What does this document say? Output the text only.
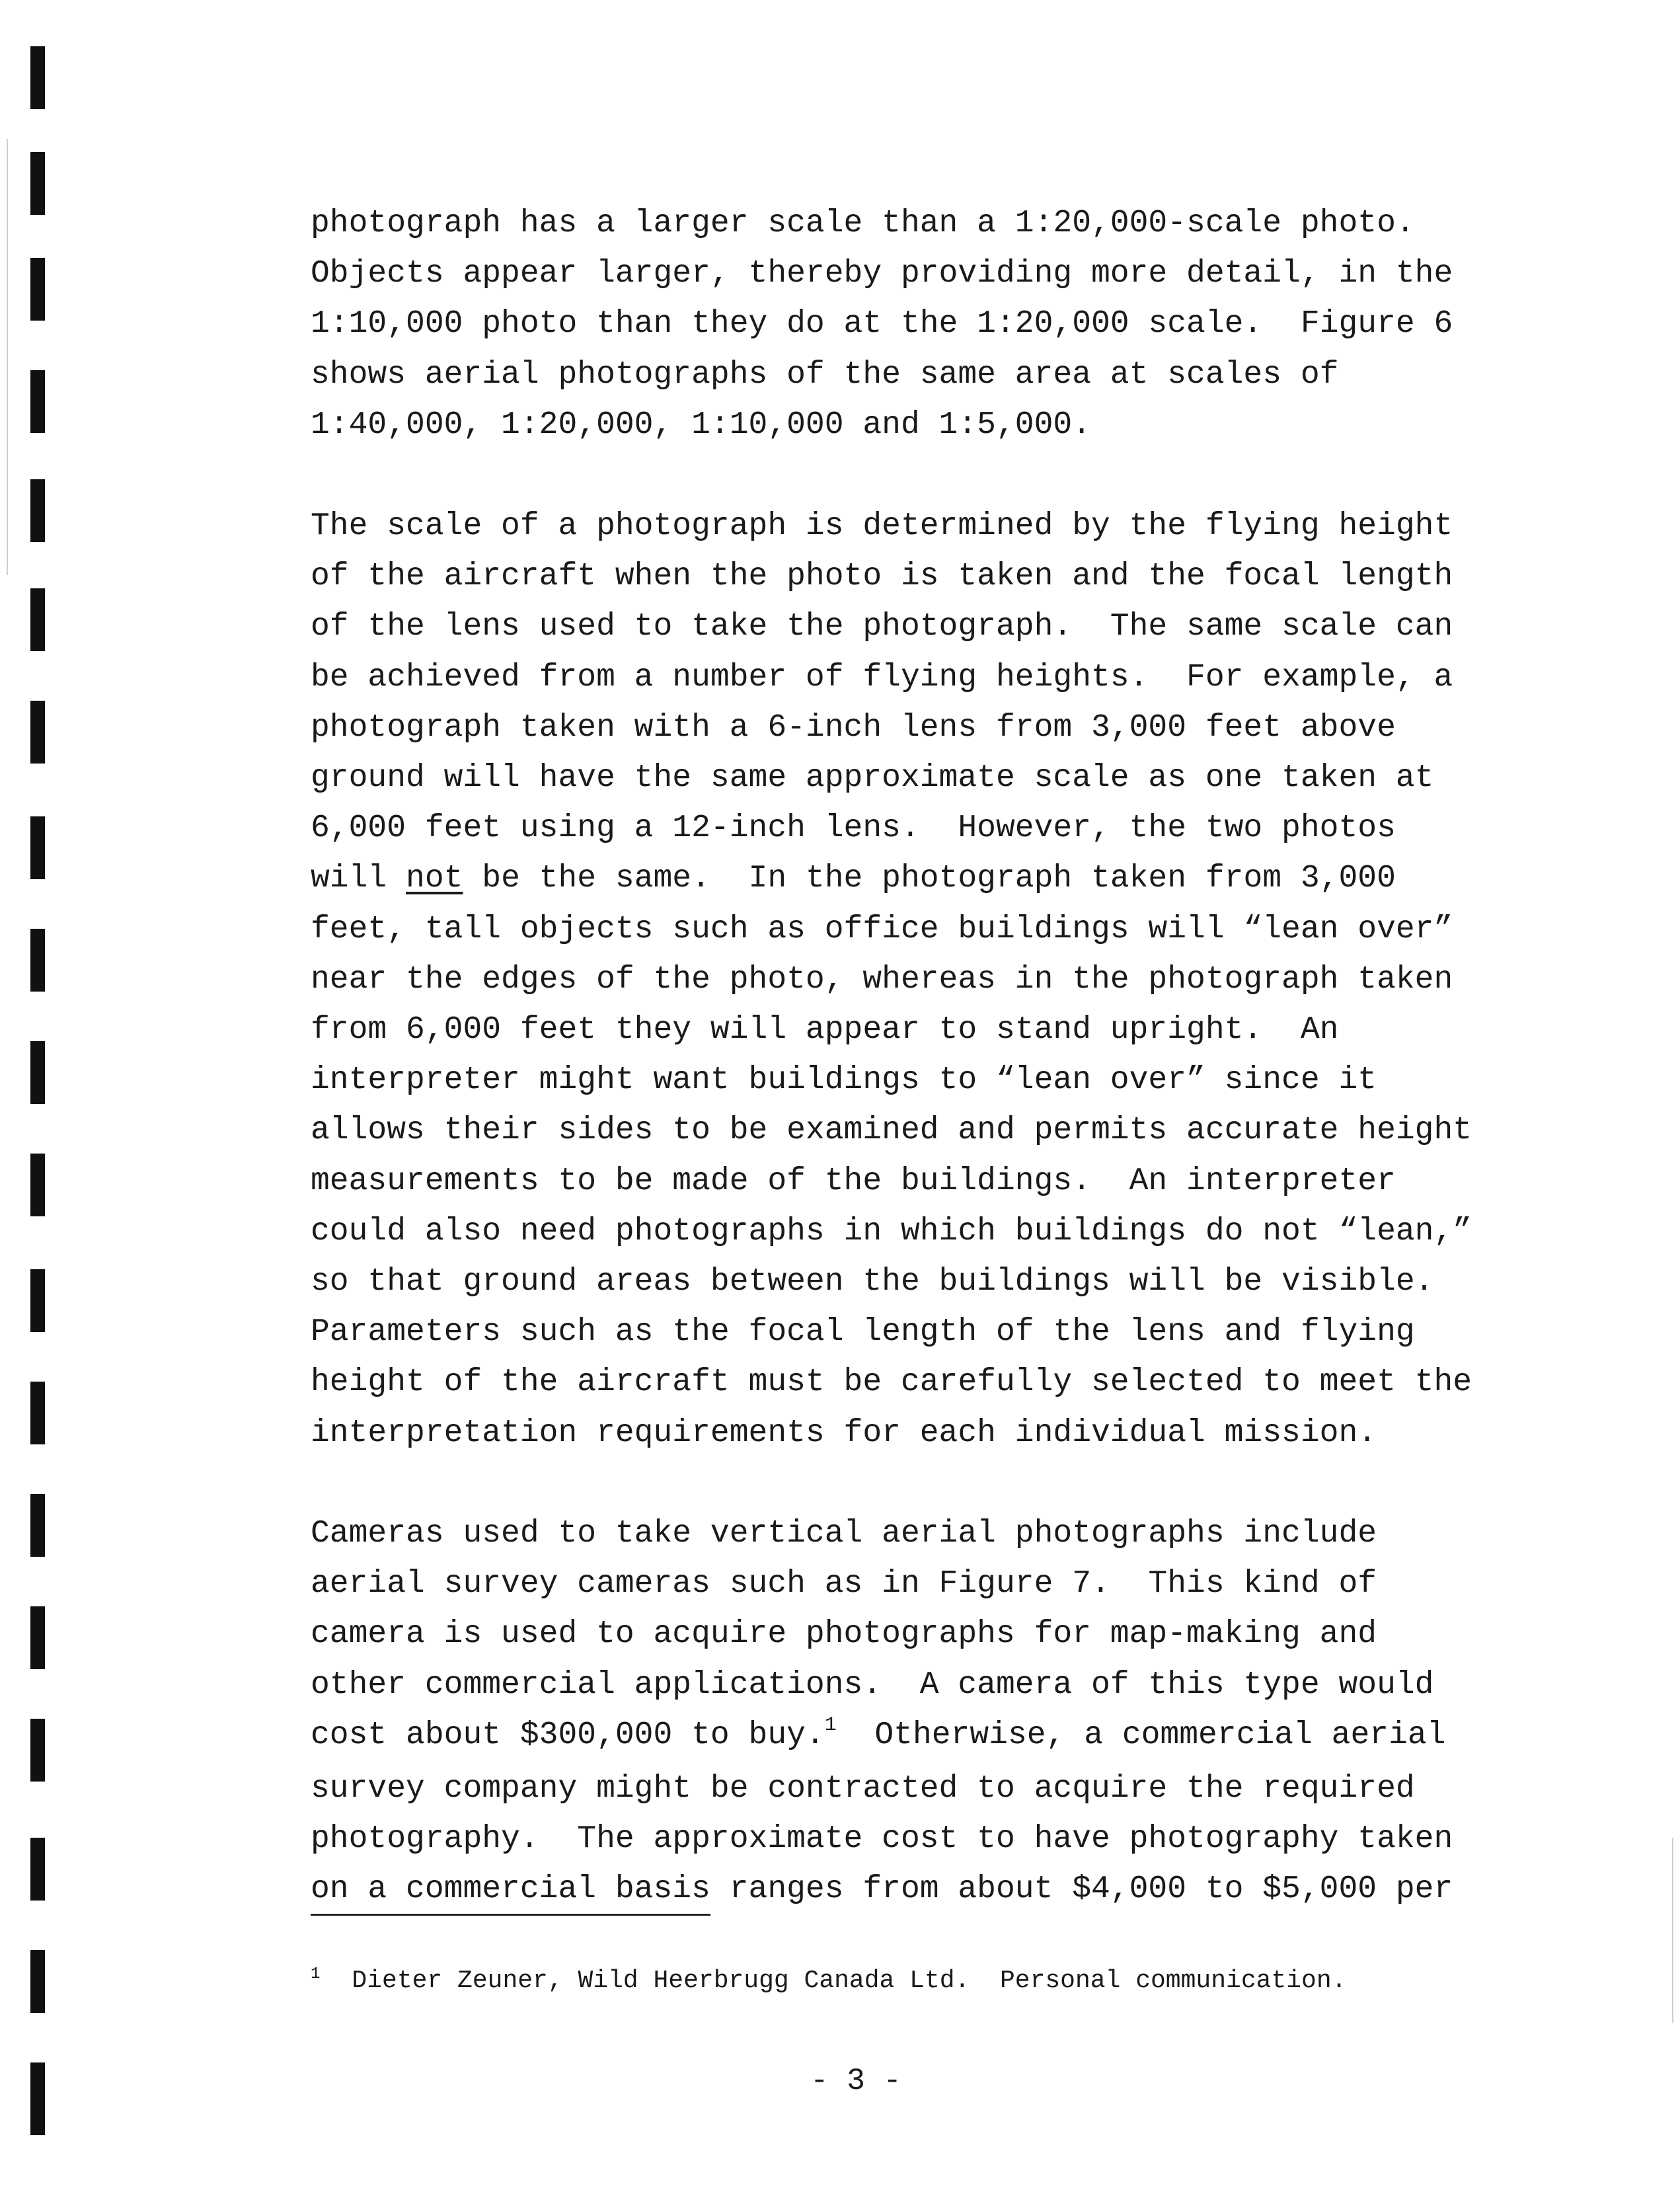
photograph has a larger scale than a 1:20,000-scale photo.
Objects appear larger, thereby providing more detail, in the
1:10,000 photo than they do at the 1:20,000 scale.  Figure 6
shows aerial photographs of the same area at scales of
1:40,000, 1:20,000, 1:10,000 and 1:5,000.
The scale of a photograph is determined by the flying height
of the aircraft when the photo is taken and the focal length
of the lens used to take the photograph.  The same scale can
be achieved from a number of flying heights.  For example, a
photograph taken with a 6-inch lens from 3,000 feet above
ground will have the same approximate scale as one taken at
6,000 feet using a 12-inch lens.  However, the two photos
will not be the same.  In the photograph taken from 3,000
feet, tall objects such as office buildings will “lean over”
near the edges of the photo, whereas in the photograph taken
from 6,000 feet they will appear to stand upright.  An
interpreter might want buildings to “lean over” since it
allows their sides to be examined and permits accurate height
measurements to be made of the buildings.  An interpreter
could also need photographs in which buildings do not “lean,”
so that ground areas between the buildings will be visible.
Parameters such as the focal length of the lens and flying
height of the aircraft must be carefully selected to meet the
interpretation requirements for each individual mission.
Cameras used to take vertical aerial photographs include
aerial survey cameras such as in Figure 7.  This kind of
camera is used to acquire photographs for map-making and
other commercial applications.  A camera of this type would
cost about $300,000 to buy.$^1$  Otherwise, a commercial aerial
survey company might be contracted to acquire the required
photography.  The approximate cost to have photography taken
on a commercial basis ranges from about $4,000 to $5,000 per
$^1$ Dieter Zeuner, Wild Heerbrugg Canada Ltd.  Personal communication.
- 3 -
